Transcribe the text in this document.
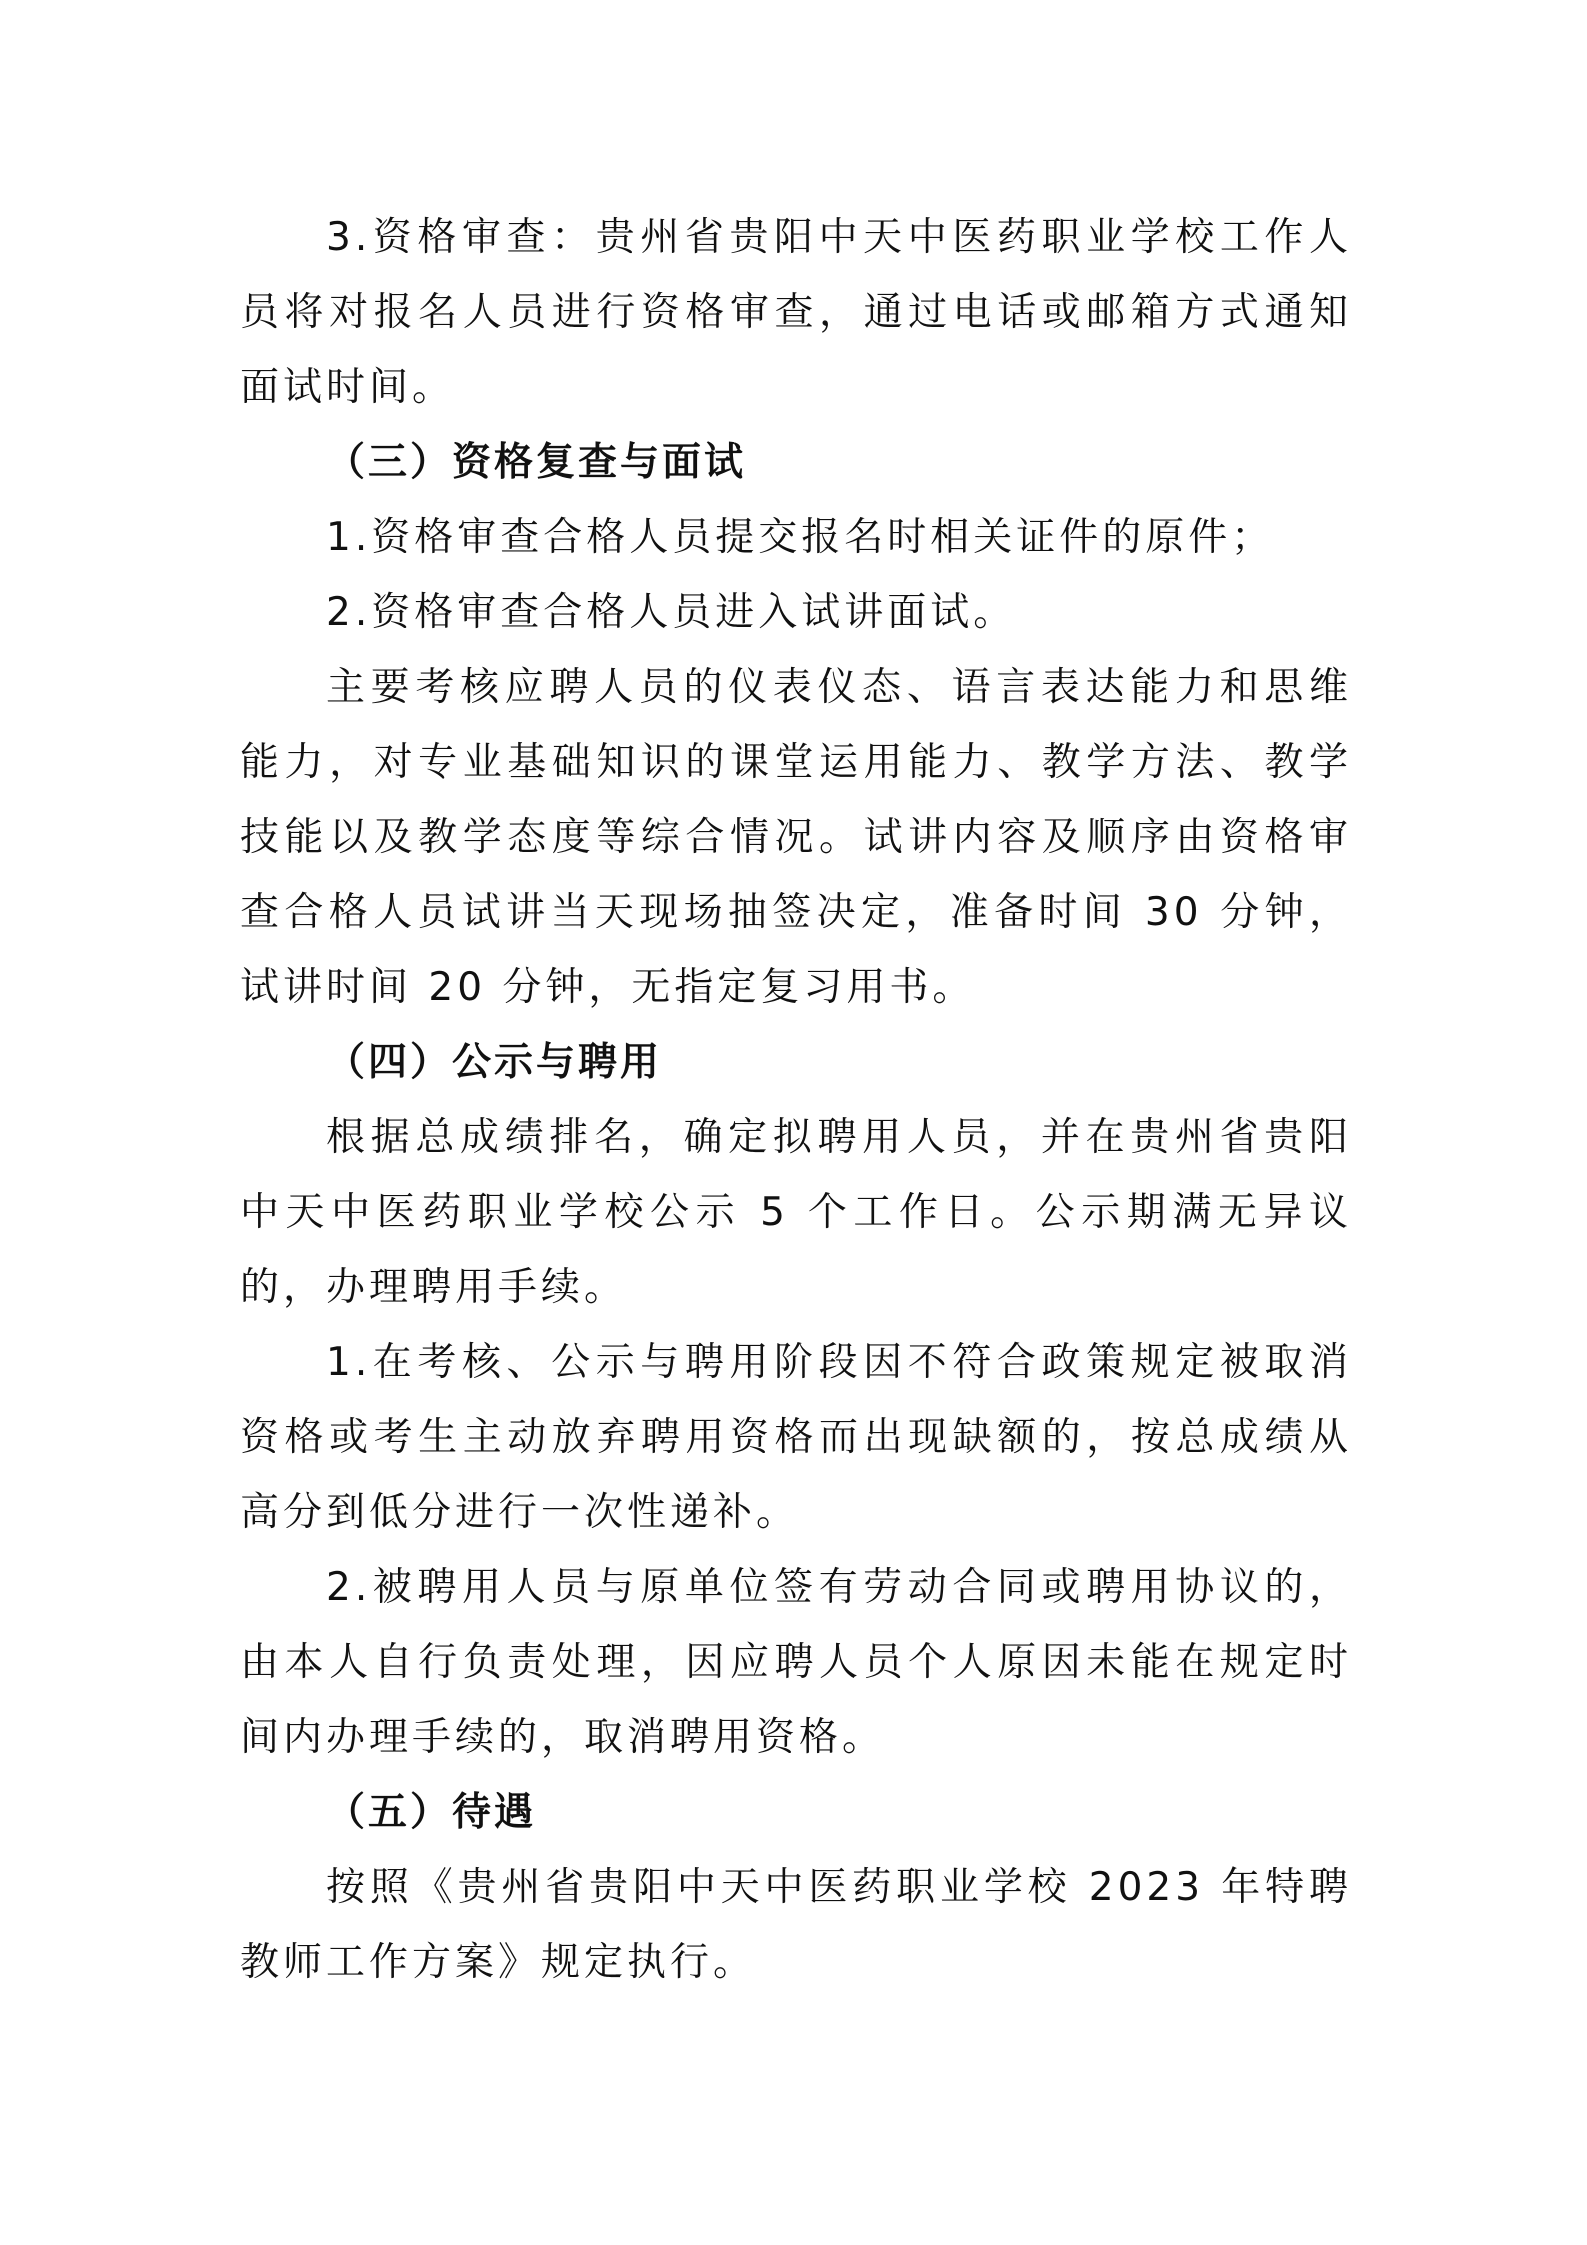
3.资格审查：贵州省贵阳中天中医药职业学校工作人员将对报名人员进行资格审查，通过电话或邮箱方式通知面试时间。

（三）资格复查与面试

1.资格审查合格人员提交报名时相关证件的原件；

2.资格审查合格人员进入试讲面试。

主要考核应聘人员的仪表仪态、语言表达能力和思维能力，对专业基础知识的课堂运用能力、教学方法、教学技能以及教学态度等综合情况。试讲内容及顺序由资格审查合格人员试讲当天现场抽签决定，准备时间 30 分钟，试讲时间 20 分钟，无指定复习用书。

（四）公示与聘用

根据总成绩排名，确定拟聘用人员，并在贵州省贵阳中天中医药职业学校公示 5 个工作日。公示期满无异议的，办理聘用手续。

1.在考核、公示与聘用阶段因不符合政策规定被取消资格或考生主动放弃聘用资格而出现缺额的，按总成绩从高分到低分进行一次性递补。

2.被聘用人员与原单位签有劳动合同或聘用协议的，由本人自行负责处理，因应聘人员个人原因未能在规定时间内办理手续的，取消聘用资格。

（五）待遇

按照《贵州省贵阳中天中医药职业学校 2023 年特聘教师工作方案》规定执行。
